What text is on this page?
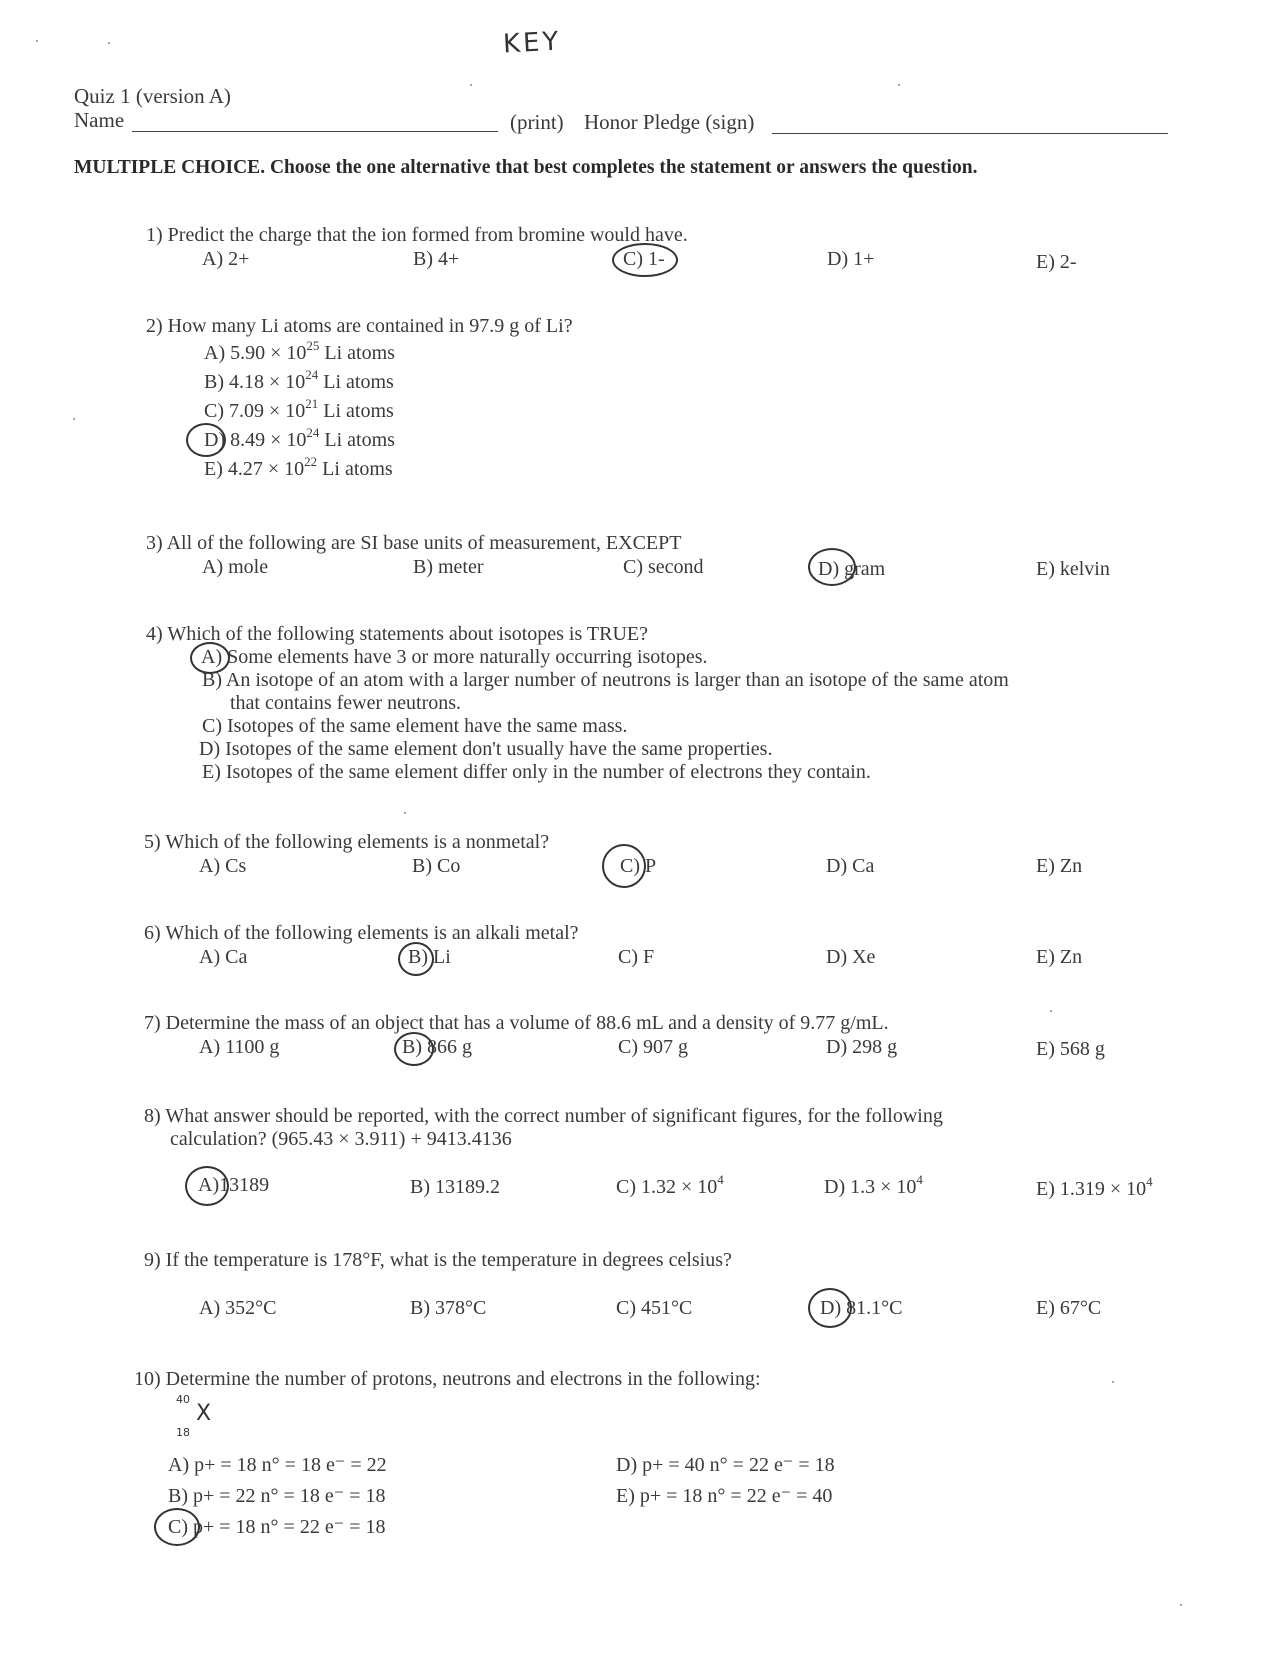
KEY
Quiz 1 (version A)
Name	(print) Honor Pledge (sign)
MULTIPLE CHOICE. Choose the one alternative that best completes the statement or answers the question.
1) Predict the charge that the ion formed from bromine would have.
A) 2+	B) 4+	C) 1-	D) 1+	E) 2-
2) How many Li atoms are contained in 97.9 g of Li?
A) $5.90 \times 10^{25}$ Li atoms
B) $4.18 \times 10^{24}$ Li atoms
C) $7.09 \times 10^{21}$ Li atoms
D) $8.49 \times 10^{24}$ Li atoms
E) $4.27 \times 10^{22}$ Li atoms
3) All of the following are SI base units of measurement, EXCEPT
A) mole	B) meter	C) second	D) gram	E) kelvin
4) Which of the following statements about isotopes is TRUE?
A) Some elements have 3 or more naturally occurring isotopes.
B) An isotope of an atom with a larger number of neutrons is larger than an isotope of the same atom
that contains fewer neutrons.
C) Isotopes of the same element have the same mass.
D) Isotopes of the same element don't usually have the same properties.
E) Isotopes of the same element differ only in the number of electrons they contain.
5) Which of the following elements is a nonmetal?
A) Cs	B) Co	C) P	D) Ca	E) Zn
6) Which of the following elements is an alkali metal?
A) Ca	B) Li	C) F	D) Xe	E) Zn
7) Determine the mass of an object that has a volume of 88.6 mL and a density of 9.77 g/mL.
A) 1100 g	B) 866 g	C) 907 g	D) 298 g	E) 568 g
8) What answer should be reported, with the correct number of significant figures, for the following
calculation? (965.43 × 3.911) + 9413.4136
A)13189	B) 13189.2	C) $1.32 \times 10^4$	D) $1.3 \times 10^4$	E) $1.319 \times 10^4$
9) If the temperature is 178°F, what is the temperature in degrees celsius?
A) 352°C	B) 378°C	C) 451°C	D) 81.1°C	E) 67°C
10) Determine the number of protons, neutrons and electrons in the following:
40
X
18
A) p+ = 18 n° = 18 e⁻ = 22
B) p+ = 22 n° = 18 e⁻ = 18
C) p+ = 18 n° = 22 e⁻ = 18
D) p+ = 40 n° = 22 e⁻ = 18
E) p+ = 18 n° = 22 e⁻ = 40
